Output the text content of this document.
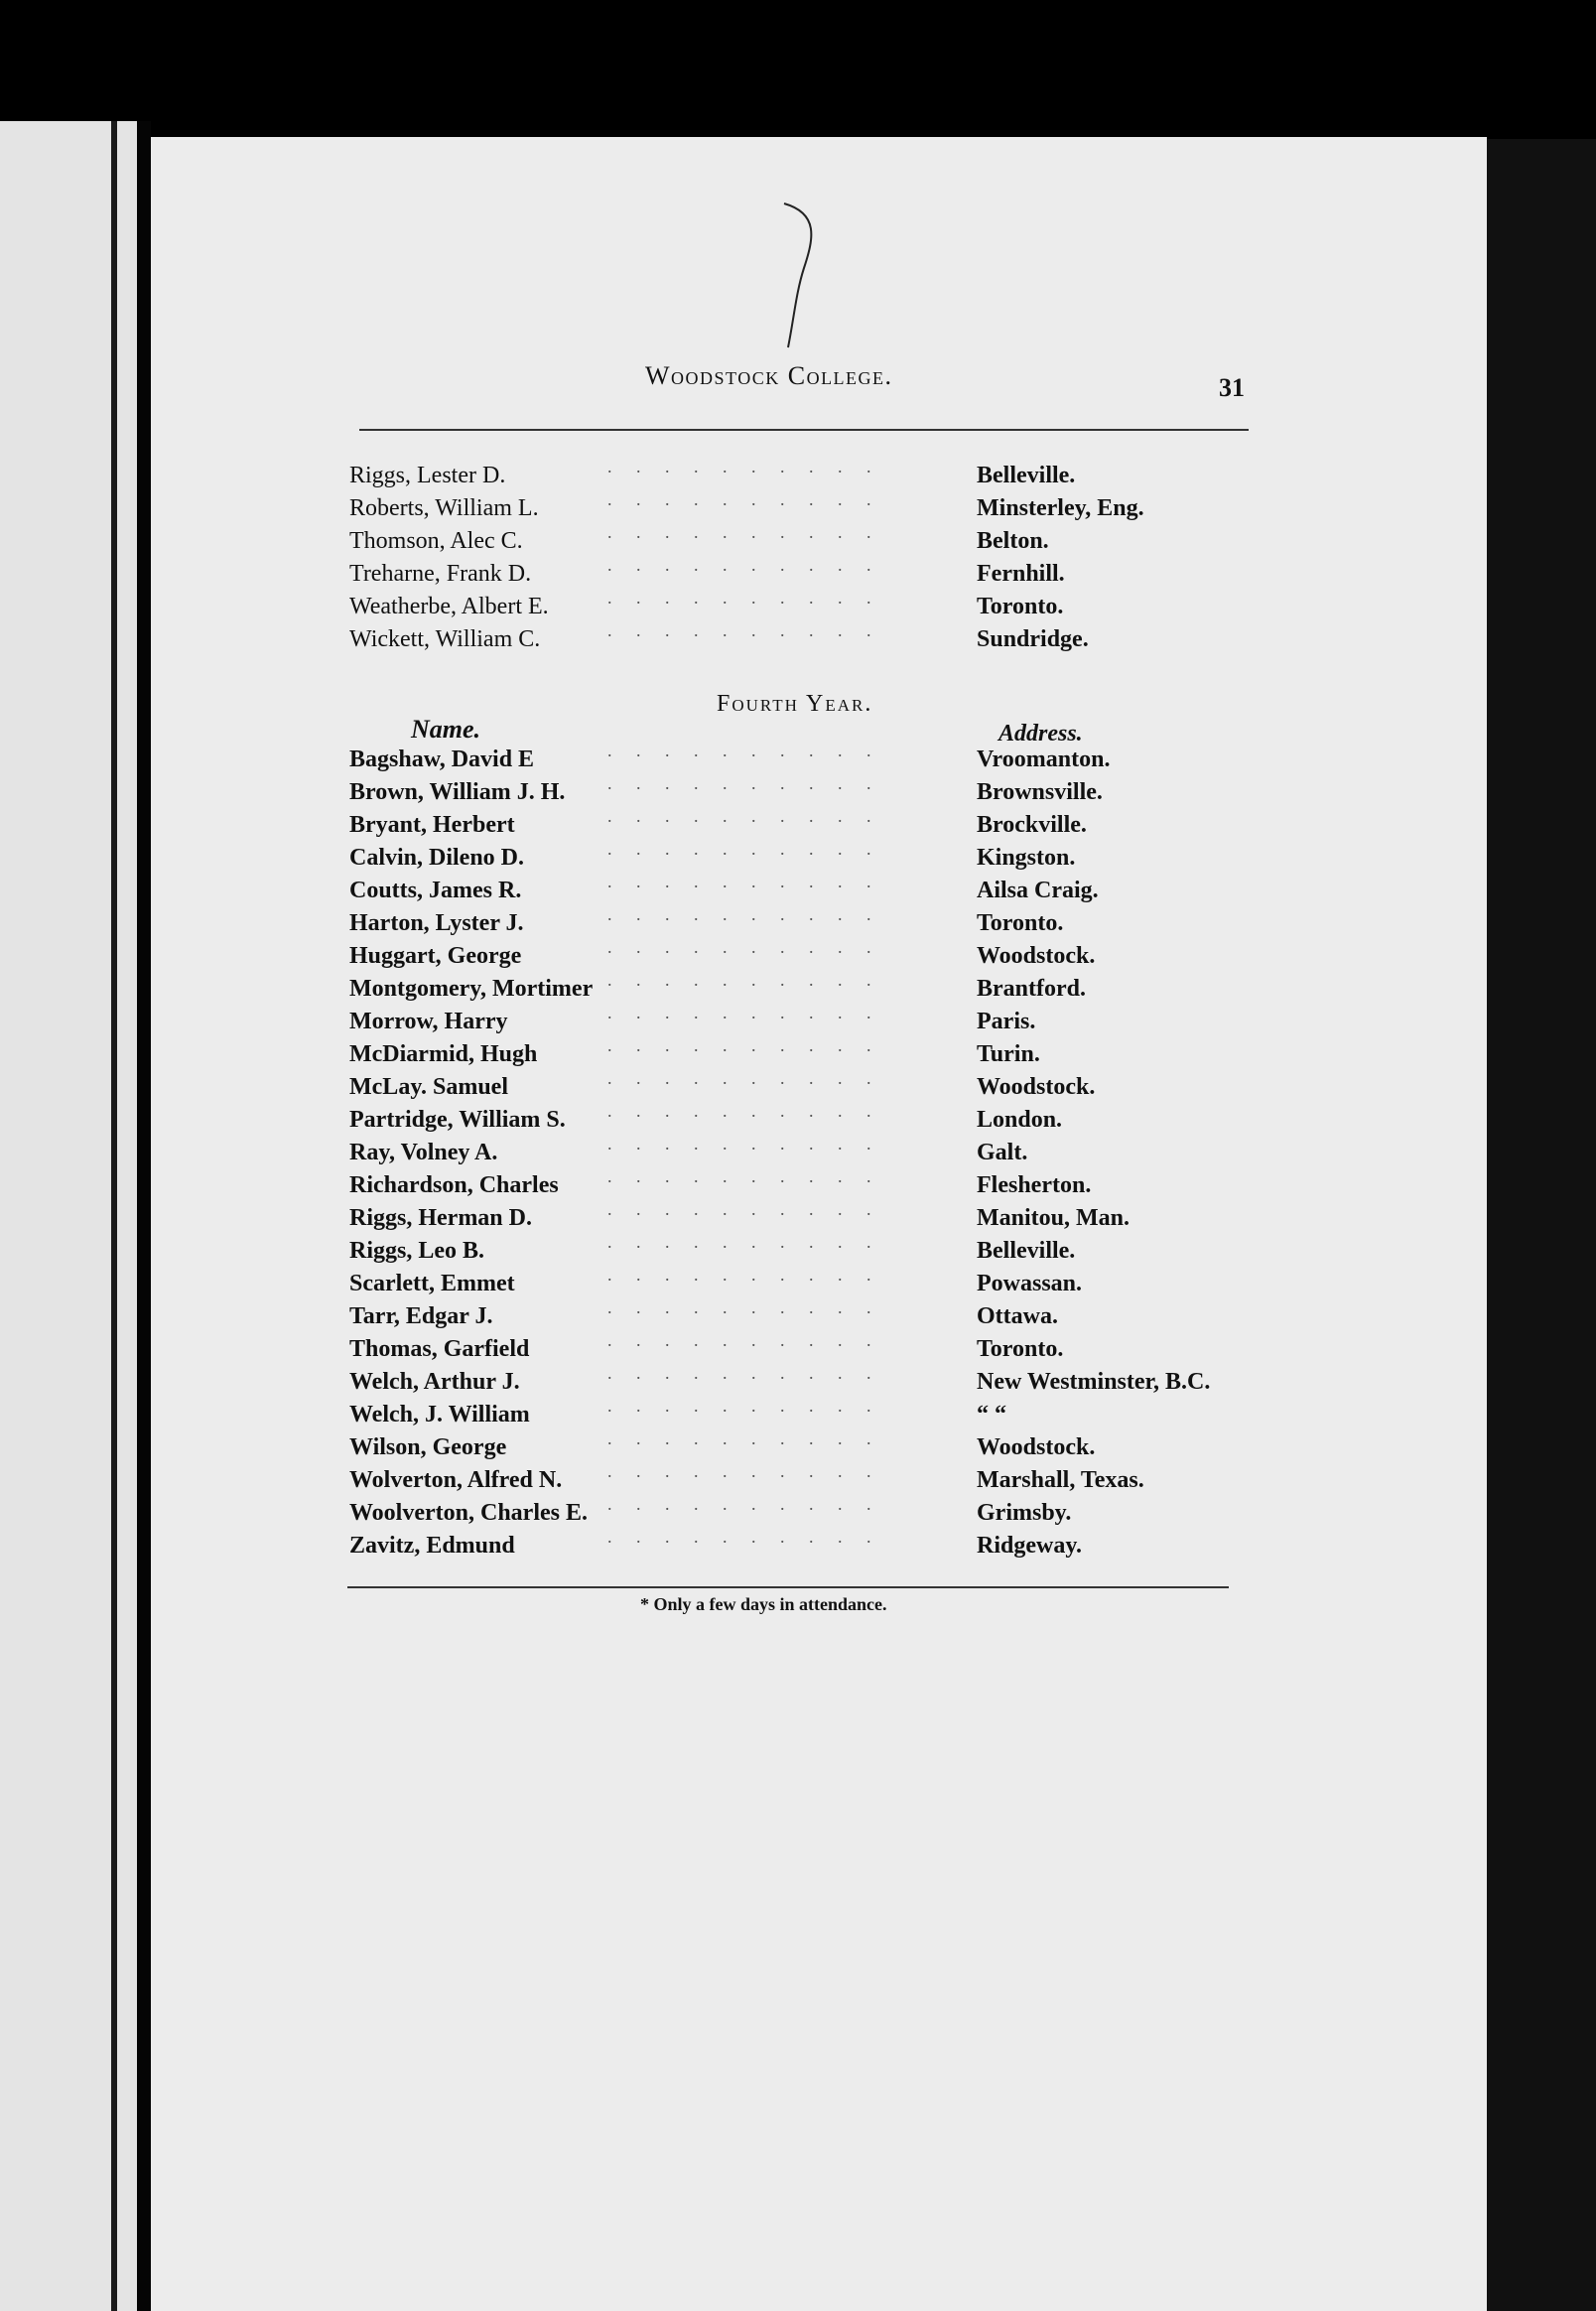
Woodstock College.	31
Riggs, Lester D.	. . . . . . . . . .	Belleville.
Roberts, William L.	. . . . . . . . . .	Minsterley, Eng.
Thomson, Alec C.	. . . . . . . . . .	Belton.
Treharne, Frank D.	. . . . . . . . . .	Fernhill.
Weatherbe, Albert E.	. . . . . . . . . .	Toronto.
Wickett, William C.	. . . . . . . . . .	Sundridge.
Fourth Year.
Name.	Address.
Bagshaw, David E	. . . . . . . . . .	Vroomanton.
Brown, William J. H. . . . . . . . . . .	Brownsville.
Bryant, Herbert	. . . . . . . . . .	Brockville.
Calvin, Dileno D.	. . . . . . . . . .	Kingston.
Coutts, James R.	. . . . . . . . . .	Ailsa Craig.
Harton, Lyster J.	. . . . . . . . . .	Toronto.
Huggart, George	. . . . . . . . . .	Woodstock.
Montgomery, Mortimer . . . . . . . . . .	Brantford.
Morrow, Harry	. . . . . . . . . .	Paris.
McDiarmid, Hugh	. . . . . . . . . .	Turin.
McLay. Samuel	. . . . . . . . . .	Woodstock.
Partridge, William S. . . . . . . . . . .	London.
Ray, Volney A.	. . . . . . . . . .	Galt.
Richardson, Charles	. . . . . . . . . .	Flesherton.
Riggs, Herman D.	. . . . . . . . . .	Manitou, Man.
Riggs, Leo B.	. . . . . . . . . .	Belleville.
Scarlett, Emmet	. . . . . . . . . .	Powassan.
Tarr, Edgar J.	. . . . . . . . . .	Ottawa.
Thomas, Garfield	. . . . . . . . . .	Toronto.
Welch, Arthur J.	. . . . . . . . . .	New Westminster, B.C.
Welch, J. William	. . . . . . . . . .	“ “
Wilson, George	. . . . . . . . . .	Woodstock.
Wolverton, Alfred N.	. . . . . . . . . .	Marshall, Texas.
Woolverton, Charles E. . . . . . . . . . .	Grimsby.
Zavitz, Edmund	. . . . . . . . . .	Ridgeway.
* Only a few days in attendance.
